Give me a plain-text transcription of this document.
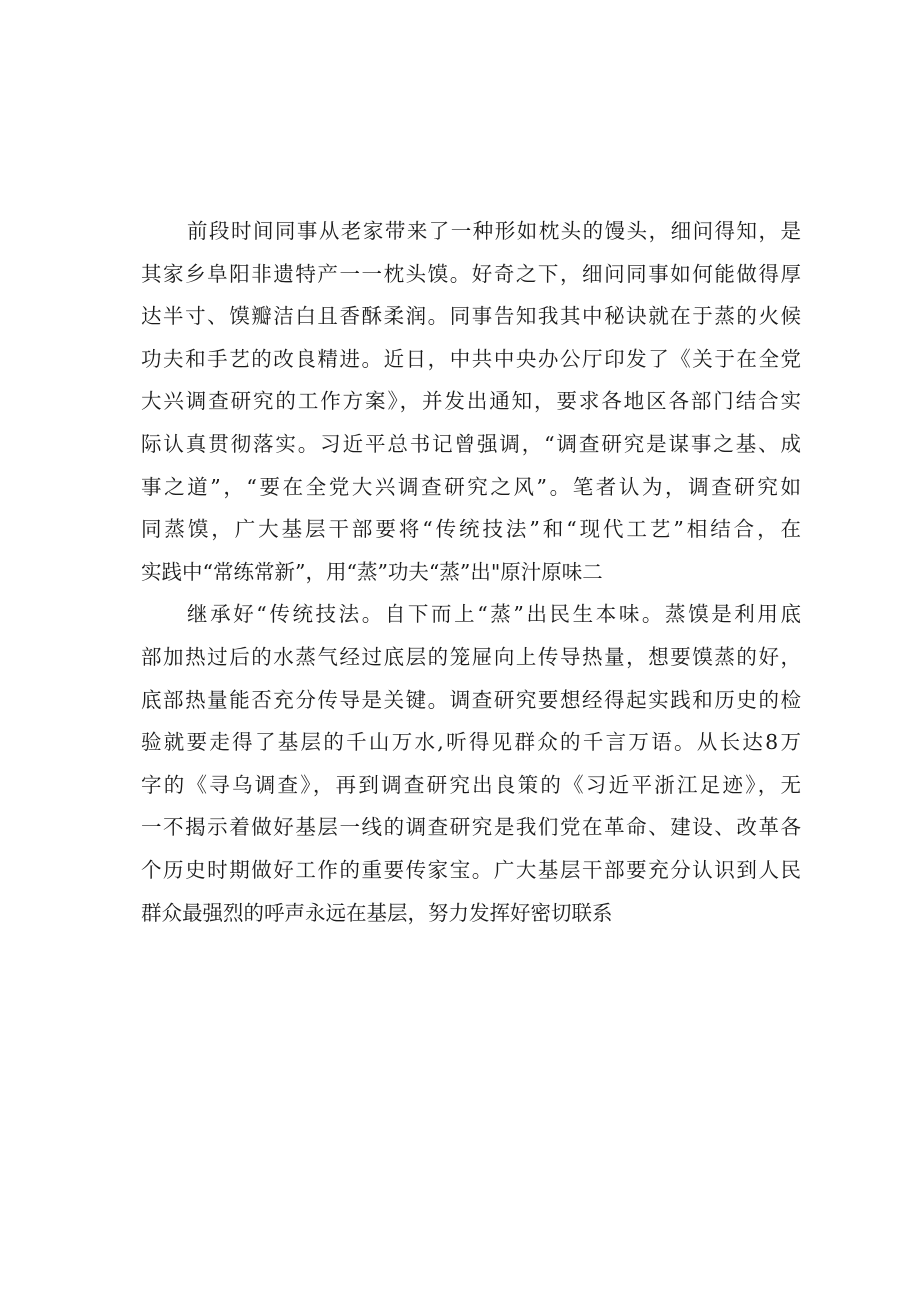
前段时间同事从老家带来了一种形如枕头的馒头，细问得知，是
其家乡阜阳非遗特产一一枕头馍。好奇之下，细问同事如何能做得厚
达半寸、馍瓣洁白且香酥柔润。同事告知我其中秘诀就在于蒸的火候
功夫和手艺的改良精进。近日，中共中央办公厅印发了《关于在全党
大兴调查研究的工作方案》，并发出通知，要求各地区各部门结合实
际认真贯彻落实。习近平总书记曾强调，“调查研究是谋事之基、成
事之道”，“要在全党大兴调查研究之风”。笔者认为，调查研究如
同蒸馍，广大基层干部要将“传统技法”和“现代工艺”相结合，在
实践中“常练常新”，用“蒸”功夫“蒸”出"原汁原味二
继承好“传统技法。自下而上“蒸”出民生本味。蒸馍是利用底
部加热过后的水蒸气经过底层的笼屉向上传导热量，想要馍蒸的好，
底部热量能否充分传导是关键。调查研究要想经得起实践和历史的检
验就要走得了基层的千山万水,听得见群众的千言万语。从长达8万
字的《寻乌调查》，再到调查研究出良策的《习近平浙江足迹》，无
一不揭示着做好基层一线的调查研究是我们党在革命、建设、改革各
个历史时期做好工作的重要传家宝。广大基层干部要充分认识到人民
群众最强烈的呼声永远在基层，努力发挥好密切联系
